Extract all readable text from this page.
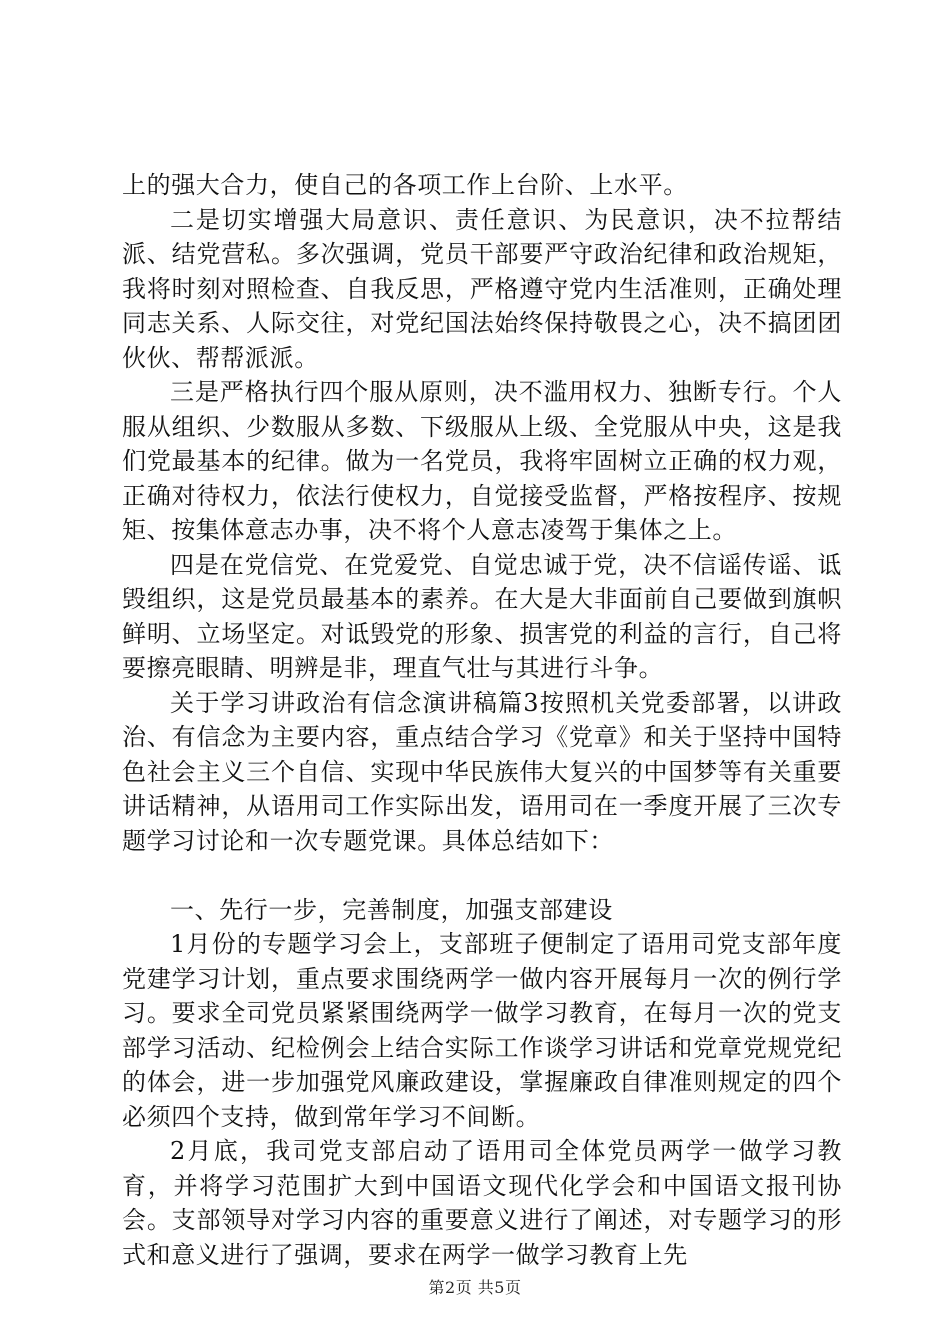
上的强大合力，使自己的各项工作上台阶、上水平。

二是切实增强大局意识、责任意识、为民意识，决不拉帮结派、结党营私。多次强调，党员干部要严守政治纪律和政治规矩，我将时刻对照检查、自我反思，严格遵守党内生活准则，正确处理同志关系、人际交往，对党纪国法始终保持敬畏之心，决不搞团团伙伙、帮帮派派。

三是严格执行四个服从原则，决不滥用权力、独断专行。个人服从组织、少数服从多数、下级服从上级、全党服从中央，这是我们党最基本的纪律。做为一名党员，我将牢固树立正确的权力观，正确对待权力，依法行使权力，自觉接受监督，严格按程序、按规矩、按集体意志办事，决不将个人意志凌驾于集体之上。

四是在党信党、在党爱党、自觉忠诚于党，决不信谣传谣、诋毁组织，这是党员最基本的素养。在大是大非面前自己要做到旗帜鲜明、立场坚定。对诋毁党的形象、损害党的利益的言行，自己将要擦亮眼睛、明辨是非，理直气壮与其进行斗争。

关于学习讲政治有信念演讲稿篇3按照机关党委部署，以讲政治、有信念为主要内容，重点结合学习《党章》和关于坚持中国特色社会主义三个自信、实现中华民族伟大复兴的中国梦等有关重要讲话精神，从语用司工作实际出发，语用司在一季度开展了三次专题学习讨论和一次专题党课。具体总结如下：

一、先行一步，完善制度，加强支部建设

1月份的专题学习会上，支部班子便制定了语用司党支部年度党建学习计划，重点要求围绕两学一做内容开展每月一次的例行学习。要求全司党员紧紧围绕两学一做学习教育，在每月一次的党支部学习活动、纪检例会上结合实际工作谈学习讲话和党章党规党纪的体会，进一步加强党风廉政建设，掌握廉政自律准则规定的四个必须四个支持，做到常年学习不间断。

2月底，我司党支部启动了语用司全体党员两学一做学习教育，并将学习范围扩大到中国语文现代化学会和中国语文报刊协会。支部领导对学习内容的重要意义进行了阐述，对专题学习的形式和意义进行了强调，要求在两学一做学习教育上先

第2页 共5页
